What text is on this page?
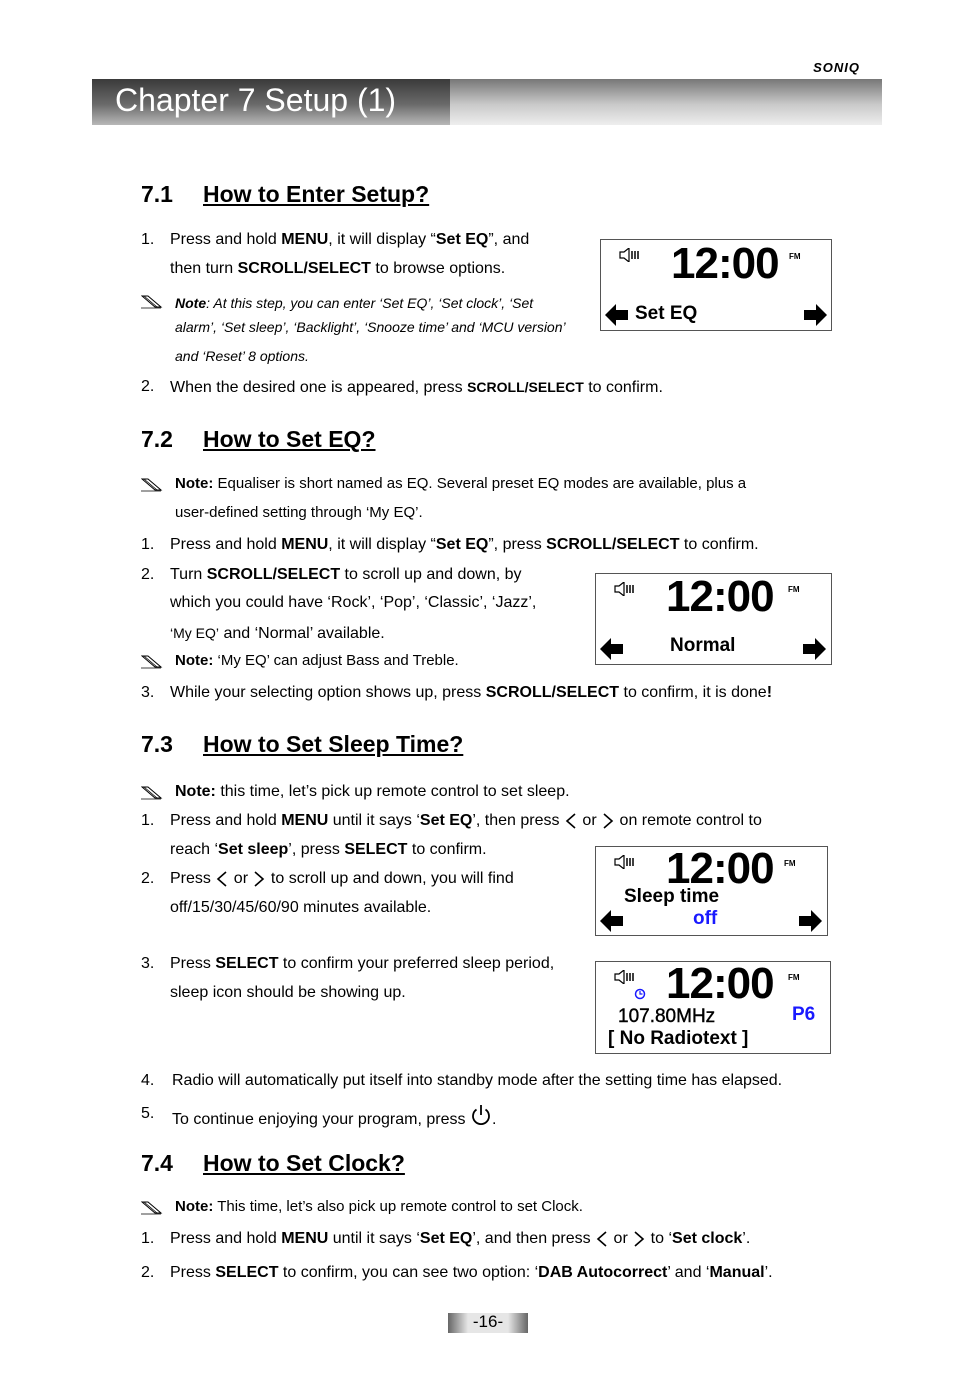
SONIQ
Chapter 7 Setup (1)
7.1 How to Enter Setup?
1. Press and hold MENU, it will display “Set EQ”, and
then turn SCROLL/SELECT to browse options.
Note: At this step, you can enter ‘Set EQ’, ‘Set clock’, ‘Set
alarm’, ‘Set sleep’, ‘Backlight’, ‘Snooze time’ and ‘MCU version’
and ‘Reset’ 8 options.
2. When the desired one is appeared, press SCROLL/SELECT to confirm.
12:00 FM
Set EQ
7.2 How to Set EQ?
Note: Equaliser is short named as EQ. Several preset EQ modes are available, plus a
user-defined setting through ‘My EQ’.
1. Press and hold MENU, it will display “Set EQ”, press SCROLL/SELECT to confirm.
2. Turn SCROLL/SELECT to scroll up and down, by
which you could have ‘Rock’, ‘Pop’, ‘Classic’, ‘Jazz’,
‘My EQ’ and ‘Normal’ available.
Note: ‘My EQ’ can adjust Bass and Treble.
3. While your selecting option shows up, press SCROLL/SELECT to confirm, it is done!
12:00 FM
Normal
7.3 How to Set Sleep Time?
Note: this time, let’s pick up remote control to set sleep.
1. Press and hold MENU until it says ‘Set EQ’, then press  or  on remote control to
reach ‘Set sleep’, press SELECT to confirm.
2. Press  or  to scroll up and down, you will find
off/15/30/45/60/90 minutes available.
3. Press SELECT to confirm your preferred sleep period,
sleep icon should be showing up.
4. Radio will automatically put itself into standby mode after the setting time has elapsed.
5. To continue enjoying your program, press .
12:00 FM
Sleep time
off
12:00 FM
107.80MHz	P6
[ No Radiotext ]
7.4 How to Set Clock?
Note: This time, let’s also pick up remote control to set Clock.
1. Press and hold MENU until it says ‘Set EQ’, and then press  or  to ‘Set clock’.
2. Press SELECT to confirm, you can see two option: ‘DAB Autocorrect’ and ‘Manual’.
-16-
